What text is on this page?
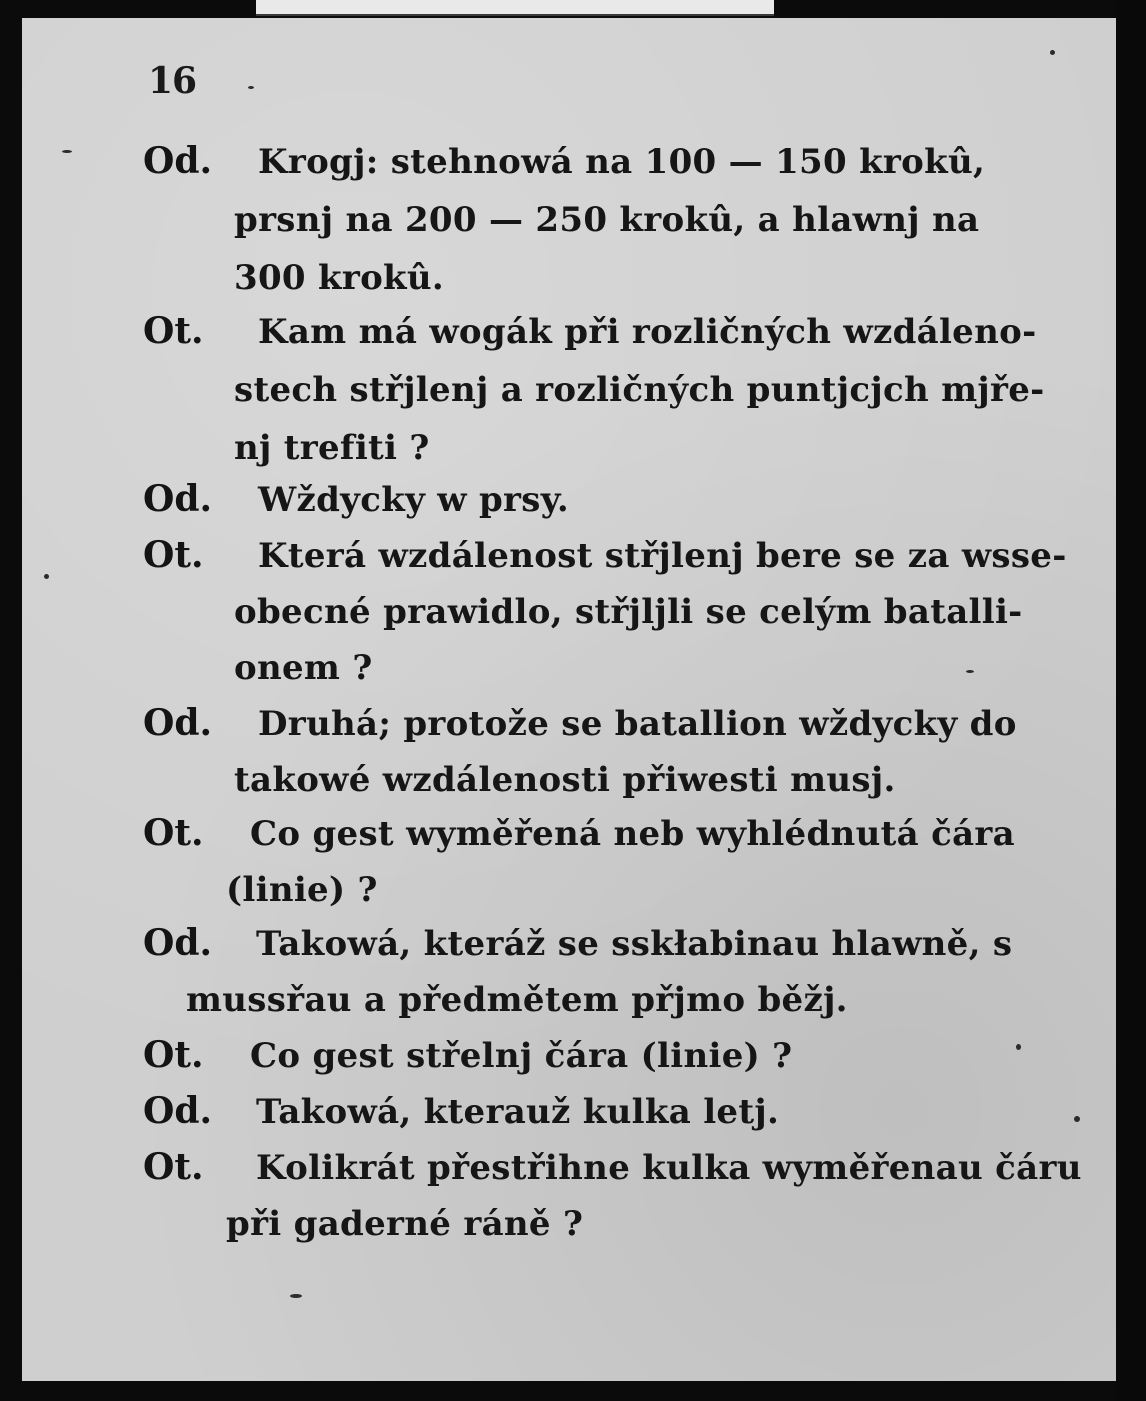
16
Od. Krogj: stehnowá na 100 — 150 krokû,
prsnj na 200 — 250 krokû, a hlawnj na
300 krokû.
Ot. Kam má wogák při rozličných wzdáleno-
stech střjlenj a rozličných puntjcjch mjře-
nj trefiti ?
Od. Wždycky w prsy.
Ot. Která wzdálenost střjlenj bere se za wsse-
obecné prawidlo, střjljli se celým batalli-
onem ?
Od. Druhá; protože se batallion wždycky do
takowé wzdálenosti přiwesti musj.
Ot. Co gest wyměřená neb wyhlédnutá čára
(linie) ?
Od. Takowá, kteráž se sskłabinau hlawně, s
mussřau a předmětem přjmo běžj.
Ot. Co gest střelnj čára (linie) ?
Od. Takowá, kterauž kulka letj.
Ot. Kolikrát přestřihne kulka wyměřenau čáru
při gaderné ráně ?
